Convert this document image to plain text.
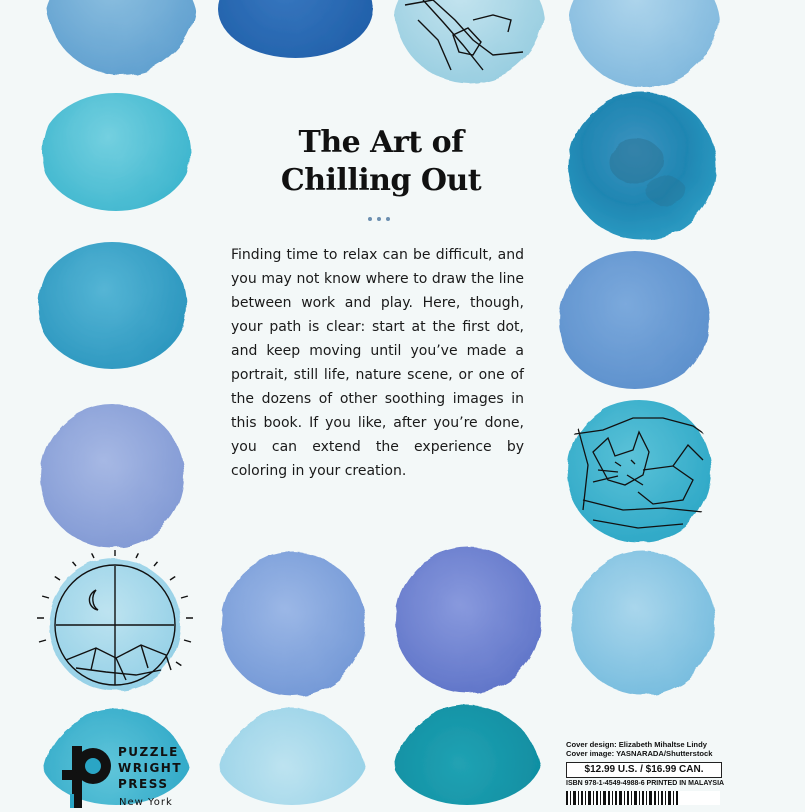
The Art of
Chilling Out
Finding time to relax can be difficult, and you may not know where to draw the line between work and play. Here, though, your path is clear: start at the first dot, and keep moving until you’ve made a portrait, still life, nature scene, or one of the dozens of other soothing images in this book. If you like, after you’re done, you can extend the experience by coloring in your creation.
PUZZLE
WRIGHT
PRESS
New York
Cover design: Elizabeth Mihaltse Lindy
Cover image: YASNARADA/Shutterstock
$12.99 U.S. / $16.99 CAN.
ISBN 978-1-4549-4988-6 PRINTED IN MALAYSIA
